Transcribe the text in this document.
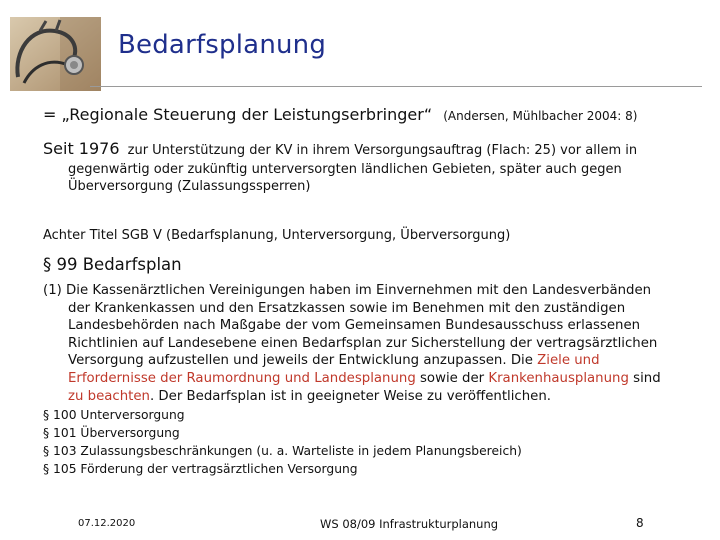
Bedarfsplanung
= „Regionale Steuerung der Leistungserbringer“ (Andersen, Mühlbacher 2004: 8)
Seit 1976 zur Unterstützung der KV in ihrem Versorgungsauftrag (Flach: 25) vor allem in
gegenwärtig oder zukünftig unterversorgten ländlichen Gebieten, später auch gegen
Überversorgung (Zulassungssperren)
Achter Titel SGB V (Bedarfsplanung, Unterversorgung, Überversorgung)
§ 99 Bedarfsplan
(1) Die Kassenärztlichen Vereinigungen haben im Einvernehmen mit den Landesverbänden
der Krankenkassen und den Ersatzkassen sowie im Benehmen mit den zuständigen
Landesbehörden nach Maßgabe der vom Gemeinsamen Bundesausschuss erlassenen
Richtlinien auf Landesebene einen Bedarfsplan zur Sicherstellung der vertragsärztlichen
Versorgung aufzustellen und jeweils der Entwicklung anzupassen. Die Ziele und
Erfordernisse der Raumordnung und Landesplanung sowie der Krankenhausplanung sind
zu beachten. Der Bedarfsplan ist in geeigneter Weise zu veröffentlichen.
§ 100 Unterversorgung
§ 101 Überversorgung
§ 103 Zulassungsbeschränkungen (u. a. Warteliste in jedem Planungsbereich)
§ 105 Förderung der vertragsärztlichen Versorgung
07.12.2020	WS 08/09 Infrastrukturplanung	8
